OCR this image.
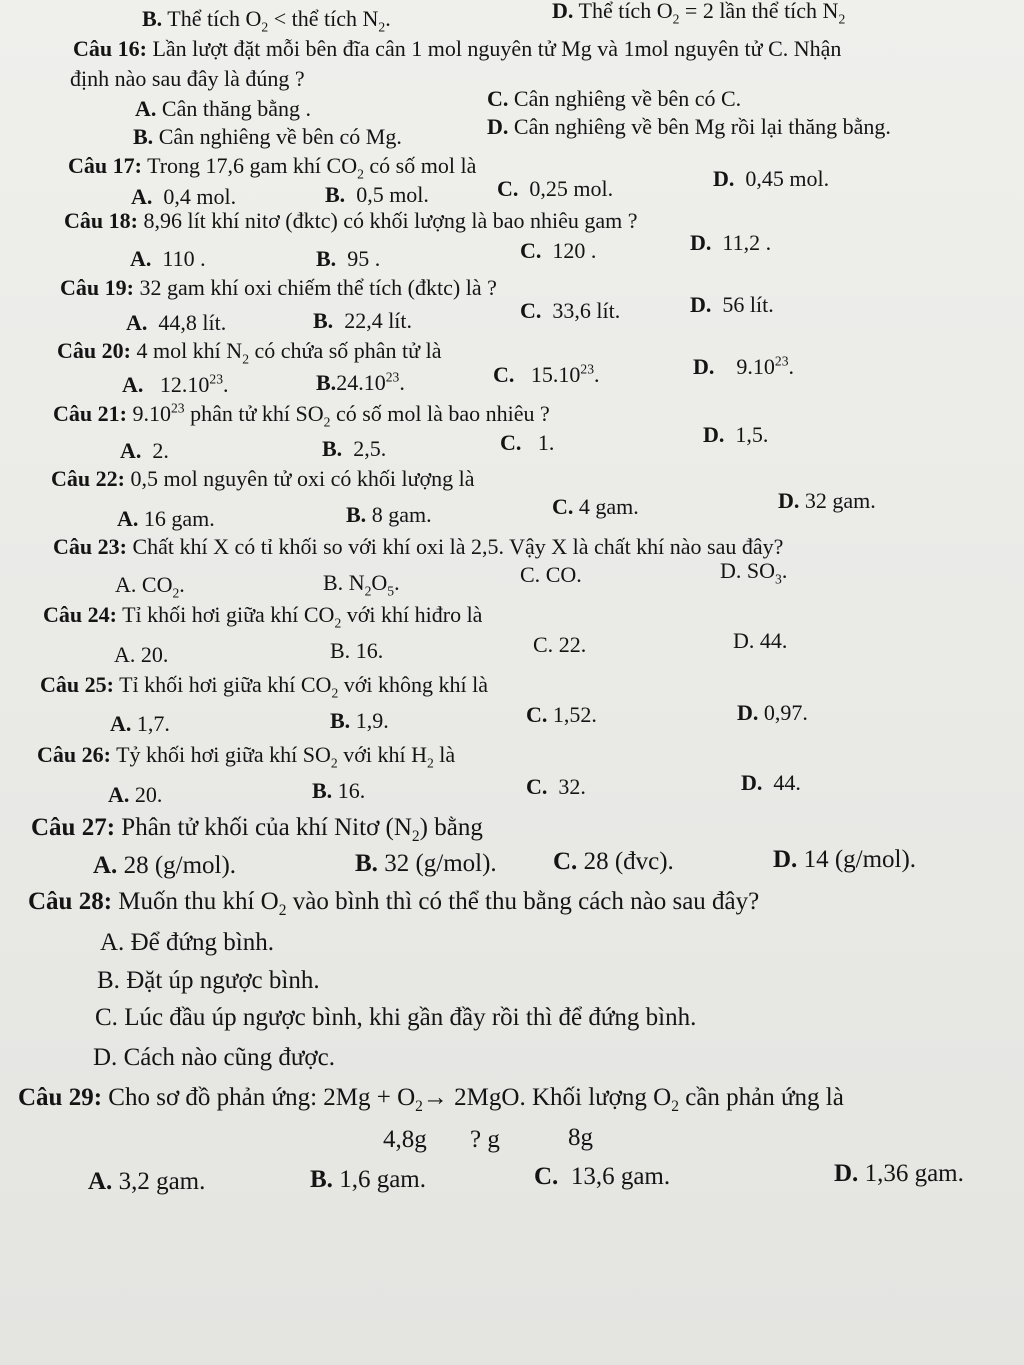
B. Thể tích $O_2$ < thể tích $N_2$.	D. Thể tích $O_2 = 2$ lần thể tích $N_2$
Câu 16: Lần lượt đặt mỗi bên đĩa cân 1 mol nguyên tử Mg và 1mol nguyên tử C. Nhận
định nào sau đây là đúng ?
A. Cân thăng bằng .	C. Cân nghiêng về bên có C.
B. Cân nghiêng về bên có Mg.	D. Cân nghiêng về bên Mg rồi lại thăng bằng.
Câu 17: Trong 17,6 gam khí $CO_2$ có số mol là
A. 0,4 mol.	B. 0,5 mol.	C. 0,25 mol.	D. 0,45 mol.
Câu 18: 8,96 lít khí nitơ (đktc) có khối lượng là bao nhiêu gam ?
A. 110 .	B. 95 .	C. 120 .	D. 11,2 .
Câu 19: 32 gam khí oxi chiếm thể tích (đktc) là ?
A. 44,8 lít.	B. 22,4 lít.	C. 33,6 lít.	D. 56 lít.
Câu 20: 4 mol khí $N_2$ có chứa số phân tử là
A. 12.10$^{23}$.	B.24.10$^{23}$.	C. 15.10$^{23}$.	D. 9.10$^{23}$.
Câu 21: 9.10$^{23}$ phân tử khí $SO_2$ có số mol là bao nhiêu ?
A. 2.	B. 2,5.	C. 1.	D. 1,5.
Câu 22: 0,5 mol nguyên tử oxi có khối lượng là
A. 16 gam.	B. 8 gam.	C. 4 gam.	D. 32 gam.
Câu 23: Chất khí X có tỉ khối so với khí oxi là 2,5. Vậy X là chất khí nào sau đây?
A. $CO_2$.	B. $N_2O_5$.	C. CO.	D. $SO_3$.
Câu 24: Tỉ khối hơi giữa khí $CO_2$ với khí hiđro là
A. 20.	B. 16.	C. 22.	D. 44.
Câu 25: Tỉ khối hơi giữa khí $CO_2$ với không khí là
A. 1,7.	B. 1,9.	C. 1,52.	D. 0,97.
Câu 26: Tỷ khối hơi giữa khí $SO_2$ với khí $H_2$ là
A. 20.	B. 16.	C. 32.	D. 44.
Câu 27: Phân tử khối của khí Nitơ $(N_2)$ bằng
A. 28 (g/mol).	B. 32 (g/mol). C. 28 (đvc).	D. 14 (g/mol).
Câu 28: Muốn thu khí $O_2$ vào bình thì có thể thu bằng cách nào sau đây?
A. Để đứng bình.
B. Đặt úp ngược bình.
C. Lúc đầu úp ngược bình, khi gần đầy rồi thì để đứng bình.
D. Cách nào cũng được.
Câu 29: Cho sơ đồ phản ứng: $2Mg + O_2\to 2MgO$. Khối lượng $O_2$ cần phản ứng là
4,8g ? g	8g
A. 3,2 gam.	B. 1,6 gam.	C. 13,6 gam.	D. 1,36 gam.
